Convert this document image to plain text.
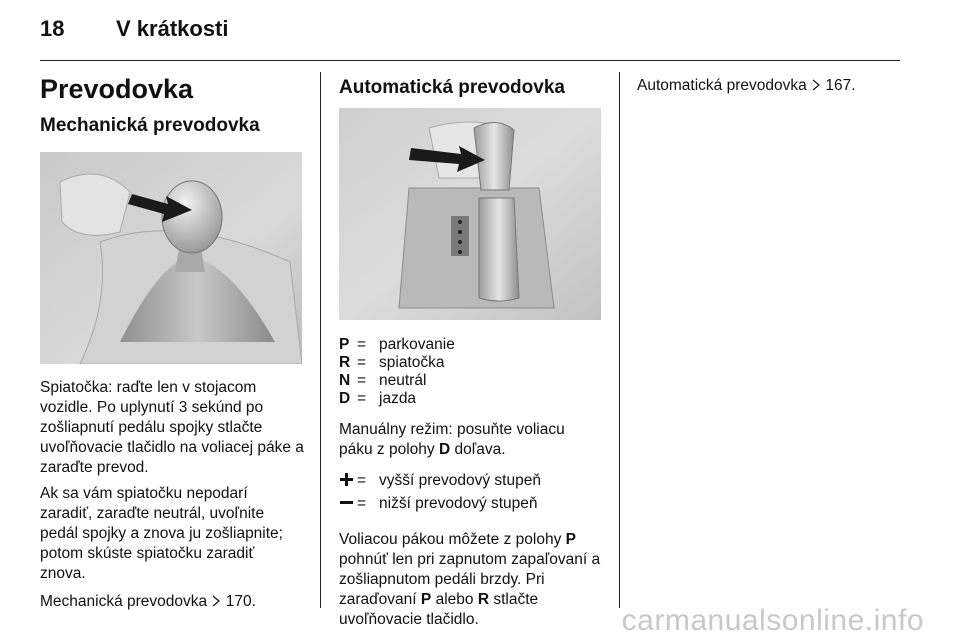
18 V krátkosti
Prevodovka
Mechanická prevodovka

Spiatočka: raďte len v stojacom vozidle. Po uplynutí 3 sekúnd po zošliapnutí pedálu spojky stlačte uvoľňovacie tlačidlo na voliacej páke a zaraďte prevod.

Ak sa vám spiatočku nepodarí zaradiť, zaraďte neutrál, uvoľnite pedál spojky a znova ju zošliapnite; potom skúste spiatočku zaradiť znova.

Mechanická prevodovka 170.

Automatická prevodovka
P = parkovanie
R = spiatočka
N = neutrál
D = jazda

Manuálny režim: posuňte voliacu páku z polohy D doľava.

= vyšší prevodový stupeň
= nižší prevodový stupeň

Voliacou pákou môžete z polohy P pohnúť len pri zapnutom zapaľovaní a zošliapnutom pedáli brzdy. Pri zaraďovaní P alebo R stlačte uvoľňovacie tlačidlo.

Automatická prevodovka 167.

carmanualsonline.info
